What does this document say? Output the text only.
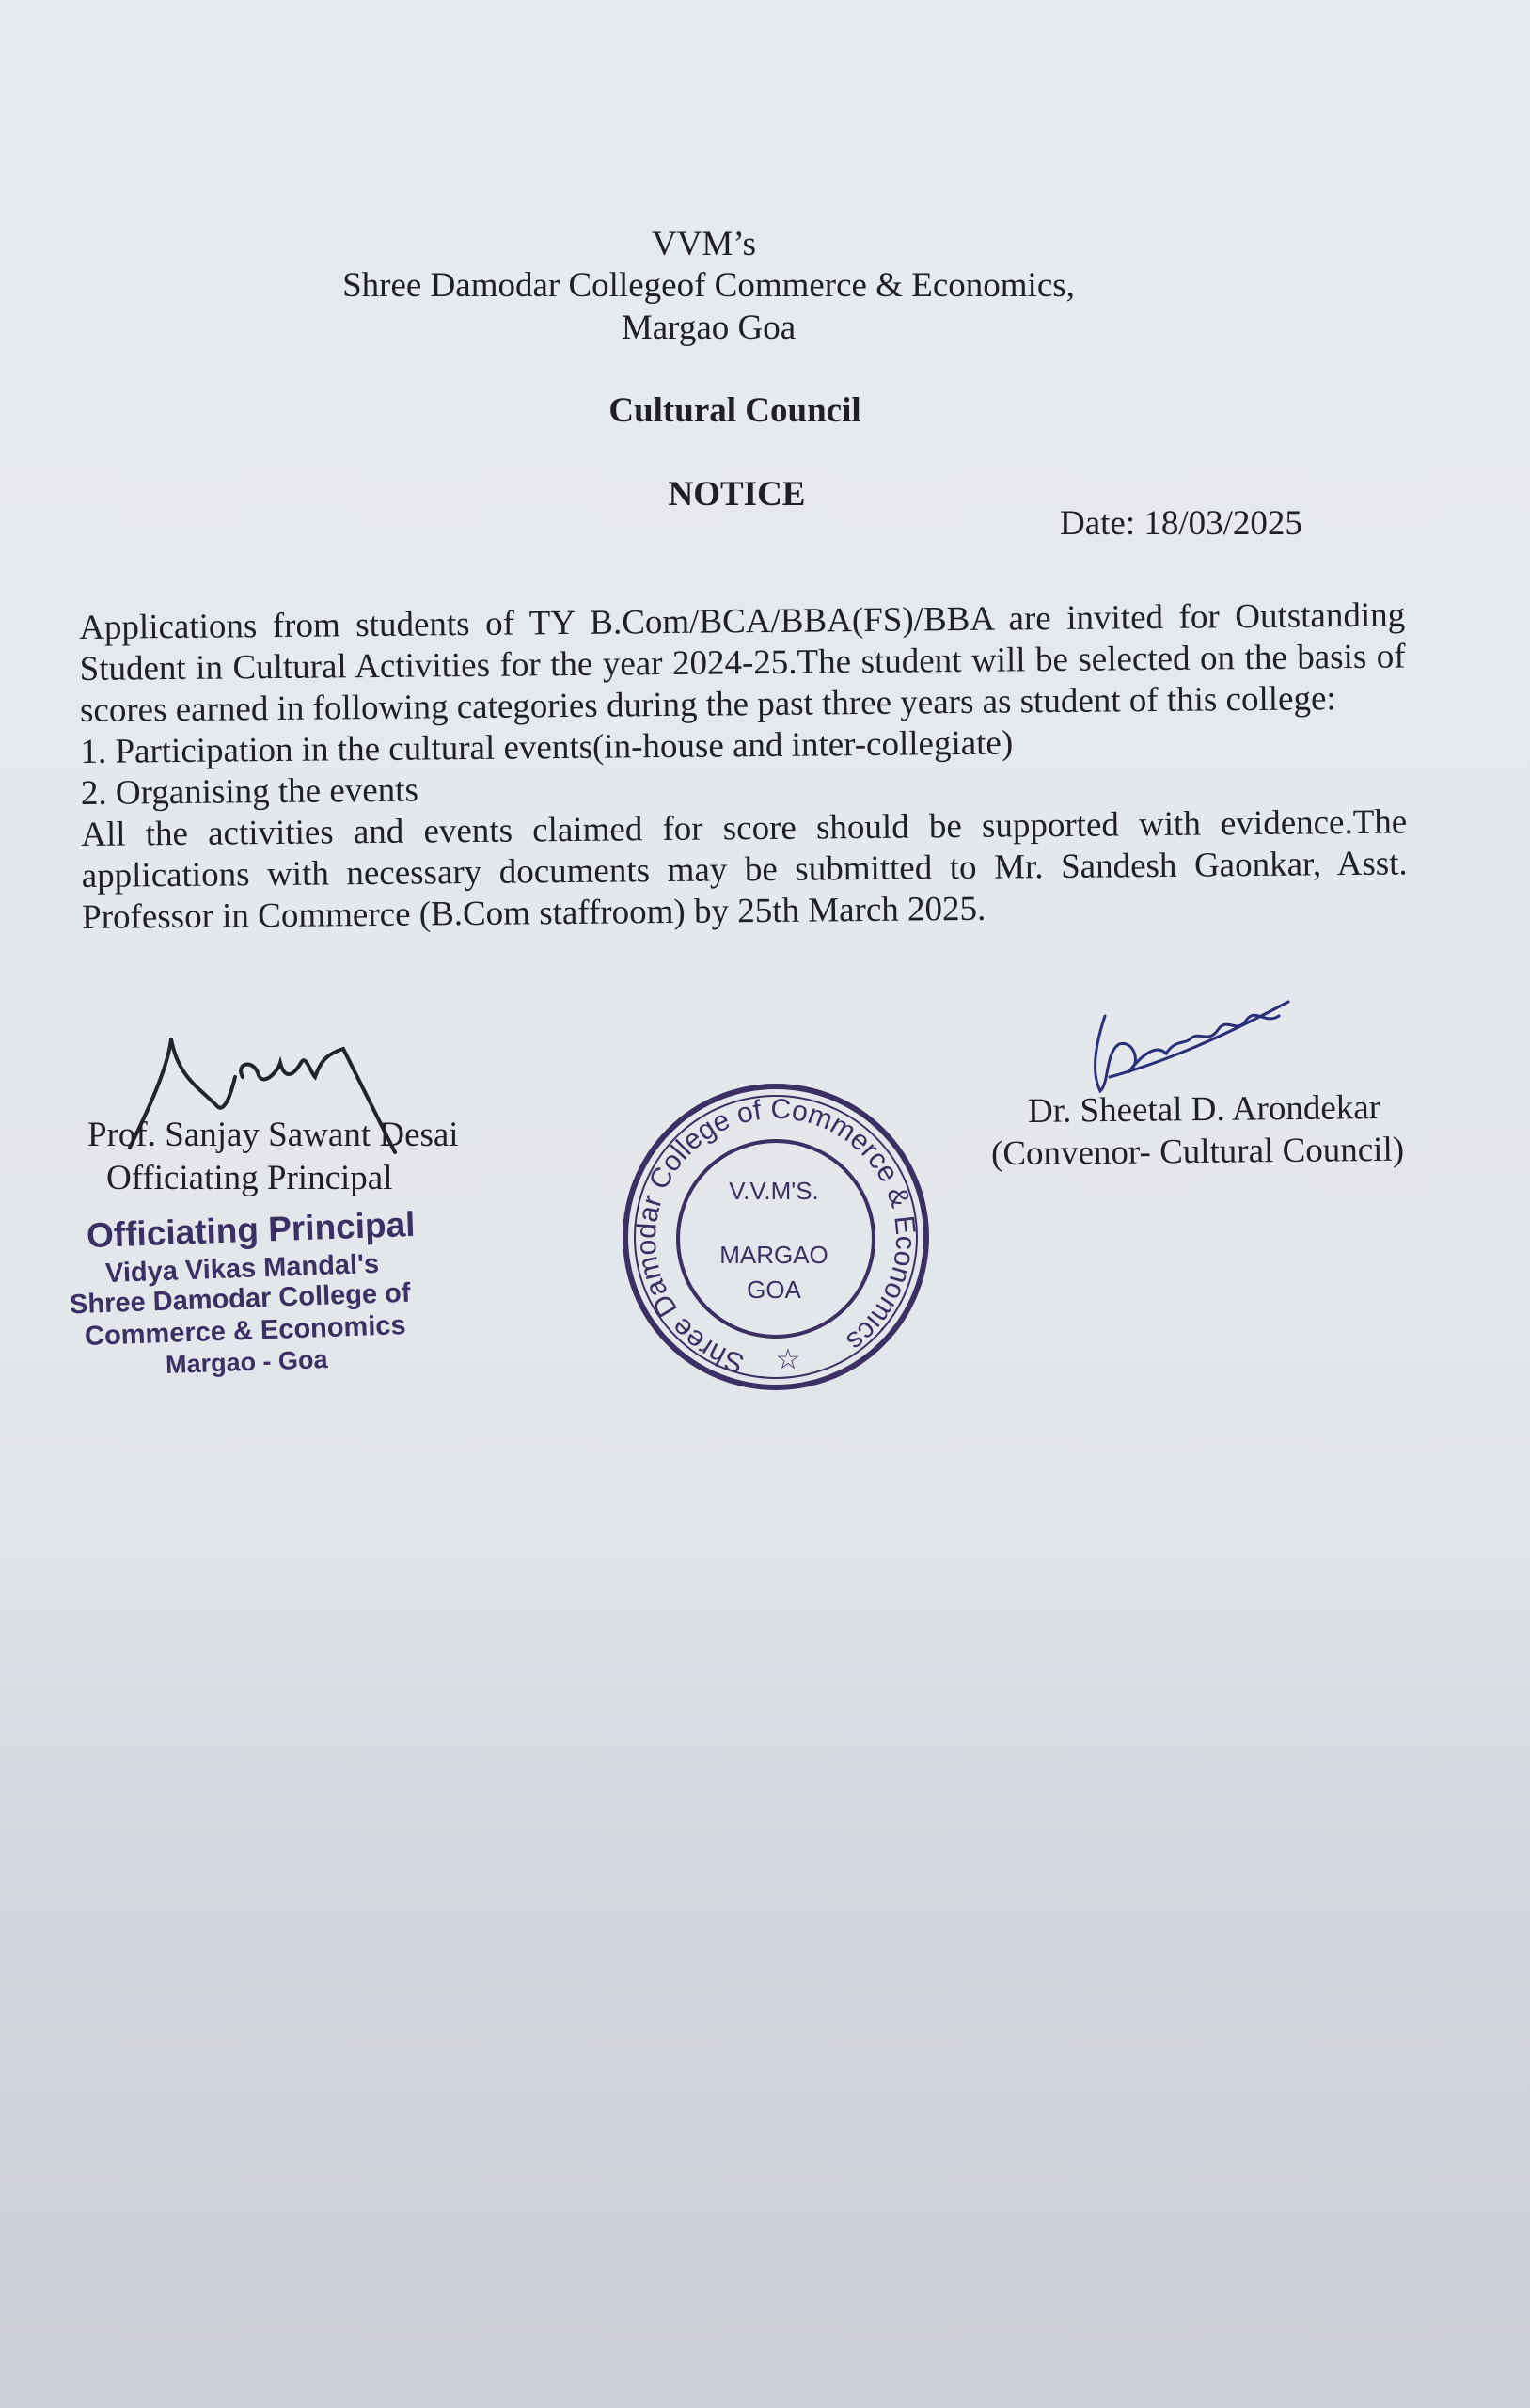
VVM’s
Shree Damodar Collegeof Commerce & Economics,
Margao Goa
Cultural Council
NOTICE
Date: 18/03/2025

Applications from students of TY B.Com/BCA/BBA(FS)/BBA are invited for Outstanding Student in Cultural Activities for the year 2024-25.The student will be selected on the basis of scores earned in following categories during the past three years as student of this college:

1. Participation in the cultural events(in-house and inter-collegiate)

2. Organising the events

All the activities and events claimed for score should be supported with evidence.The applications with necessary documents may be submitted to Mr. Sandesh Gaonkar, Asst. Professor in Commerce (B.Com staffroom) by 25th March 2025.

Prof. Sanjay Sawant Desai
Officiating Principal
Officiating Principal
Vidya Vikas Mandal's
Shree Damodar College of
Commerce & Economics
Margao - Goa	Shree Damodar College of Commerce & Economics
V.V.M'S.
MARGAO
GOA
☆
Dr. Sheetal D. Arondekar
(Convenor- Cultural Council)
